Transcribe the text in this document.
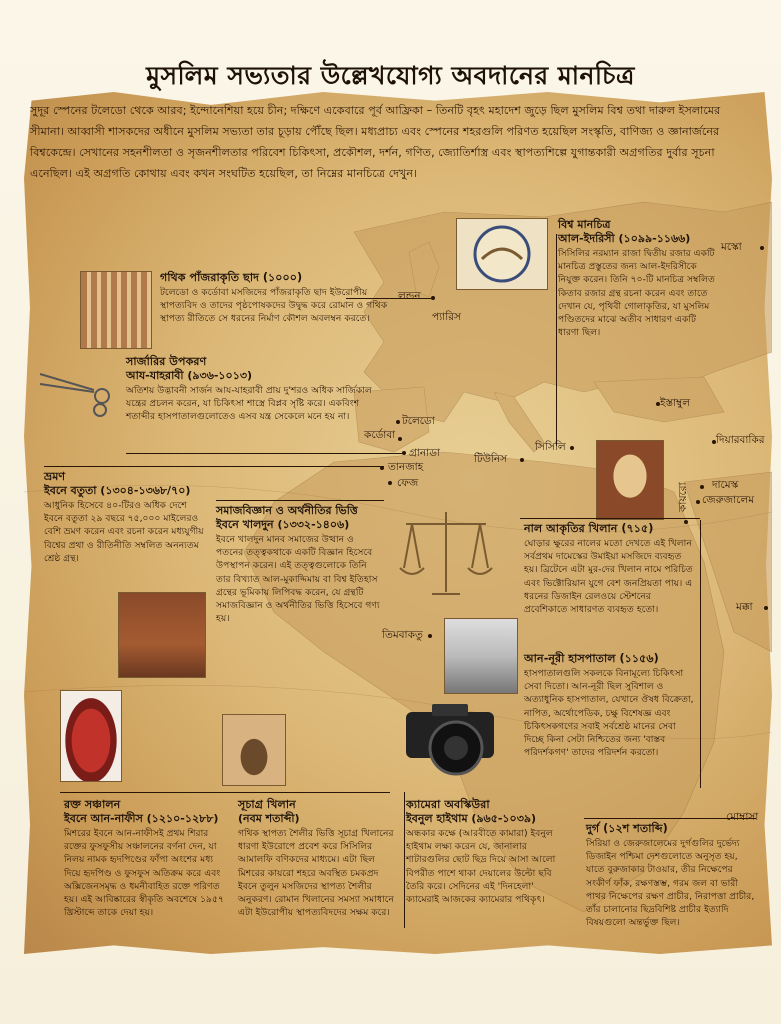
মুসলিম সভ্যতার উল্লেখযোগ্য অবদানের মানচিত্র
সুদূর স্পেনের টলেডো থেকে আরব; ইন্দোনেশিয়া হয়ে চীন; দক্ষিণে একেবারে পূর্ব আফ্রিকা – তিনটি বৃহৎ মহাদেশ জুড়ে ছিল মুসলিম বিশ্ব তথা দারুল ইসলামের সীমানা। আব্বাসী শাসকদের অধীনে মুসলিম সভ্যতা তার চূড়ায় পৌঁছে ছিল। মধ্যপ্রাচ্য এবং স্পেনের শহরগুলি পরিণত হয়েছিল সংস্কৃতি, বাণিজ্য ও জ্ঞানার্জনের বিশ্বকেন্দ্রে। সেখানের সহনশীলতা ও সৃজনশীলতার পরিবেশ চিকিৎসা, প্রকৌশল, দর্শন, গণিত, জ্যোতির্শাস্ত্র এবং স্থাপত্যশিল্পে যুগান্তকারী অগ্রগতির দুর্বার সূচনা এনেছিল। এই অগ্রগতি কোথায় এবং কখন সংঘটিত হয়েছিল, তা নিম্নের মানচিত্রে দেখুন।
লন্ডন
প্যারিস
টলেডো
কর্ডোবা
গ্রানাডা
তানজাহ
ফেজ
টিউনিস
সিসিলি
ইস্তাম্বুল
দিয়ারবাকির
দামেস্ক
জেরুজালেম
কায়রো
মক্কা
তিমবাকতু
মস্কো
মোম্বাসা
গথিক পাঁজরাকৃতি ছাদ (১০০০)

টলেডো ও কর্ডোবা মসজিদের পাঁজরাকৃতি ছাদ ইউরোপীয় স্থাপত্যবিদ ও তাদের পৃষ্ঠপোষকদের উদ্বুদ্ধ করে রোমান ও গথিক স্থাপত্য রীতিতে সে ধরনের নির্মাণ কৌশল অবলম্বন করতে।

সার্জারির উপকরণ
আয-যাহরাবী (৯৩৬-১০১৩)

অতিশয় উদ্ভাবনী সার্জন আয-যাহরাবী প্রায় দু'শরও অধিক সার্জিকাল যন্ত্রের প্রচলন করেন, যা চিকিৎসা শাস্ত্রে বিপ্লব সৃষ্টি করে। একবিংশ শতাব্দীর হাসপাতালগুলোতেও এসব যন্ত্র সেকেলে মনে হয় না।

ভ্রমণ
ইবনে বতুতা (১৩০৪-১৩৬৮/৭০)

আধুনিক হিসেবে ৪০-টিরও অধিক দেশে ইবনে বতুতা ২৯ বছরে ৭৫,০০০ মাইলেরও বেশি ভ্রমণ করেন এবং রচনা করেন মধ্যযুগীয় বিশ্বের প্রথা ও রীতিনীতি সম্বলিত অনন্যতম শ্রেষ্ঠ গ্রন্থ।

সমাজবিজ্ঞান ও অর্থনীতির ভিত্তি
ইবনে খালদুন (১৩৩২-১৪০৬)

ইবনে খালদুন মানব সমাজের উত্থান ও পতনের তত্ত্বকথাকে একটি বিজ্ঞান হিসেবে উপস্থাপন করেন। এই তত্ত্বগুলোকে তিনি তার বিখ্যাত আল-মুকাদ্দিমায় বা বিশ্ব ইতিহাস গ্রন্থের ভূমিকায় লিপিবদ্ধ করেন, যে গ্রন্থটি সমাজবিজ্ঞান ও অর্থনীতির ভিত্তি হিসেবে গণ্য হয়।

বিশ্ব মানচিত্র
আল-ইদরিসী (১০৯৯-১১৬৬)

সিসিলির নরম্যান রাজা দ্বিতীয় রজার একটি মানচিত্র প্রস্তুতের জন্য আল-ইদরিসীকে নিযুক্ত করেন। তিনি ৭০-টি মানচিত্র সম্বলিত কিতাব রজার গ্রন্থ রচনা করেন এবং তাতে দেখান যে, পৃথিবী গোলাকৃতির, যা মুসলিম পণ্ডিতদের মাঝে অতীব সাধারণ একটি ধারণা ছিল।

নাল আকৃতির খিলান (৭১৫)

ঘোড়ার ক্ষুরের নালের মতো দেখতে এই খিলান সর্বপ্রথম দামেস্কের উমাইয়া মসজিদে ব্যবহৃত হয়। ব্রিটেনে এটা মুর-দের খিলান নামে পরিচিত এবং ভিক্টোরিয়ান যুগে বেশ জনপ্রিয়তা পায়। এ ধরনের ডিজাইন রেলওয়ে স্টেশনের প্রবেশিকাতে সাধারণত ব্যবহৃত হতো।

আন-নূরী হাসপাতাল (১১৫৬)

হাসপাতালগুলি সকলকে বিনামূল্যে চিকিৎসা সেবা দিতো। আন-নূরী ছিল সুবিশাল ও অত্যাধুনিক হাসপাতাল, যেখানে ঔষধ বিক্রেতা, নাপিত, অর্থোপেডিক, চক্ষু বিশেষজ্ঞ এবং চিকিৎসকগণের সবাই সর্বশ্রেষ্ঠ মানের সেবা দিচ্ছে কিনা সেটা নিশ্চিতের জন্য 'বাস্তব পরিদর্শকগণ' তাদের পরিদর্শন করতো।

রক্ত সঞ্চালন
ইবনে আন-নাফীস (১২১০-১২৮৮)

মিশরের ইবনে আন-নাফীসই প্রথম শিরার রক্তের ফুসফুসীয় সঞ্চালনের বর্ণনা দেন, যা নিলয় নামক হৃদপিণ্ডের ফাঁপা অংশের মধ্য দিয়ে হৃদপিণ্ড ও ফুসফুস অতিক্রম করে এবং অক্সিজেনসমৃদ্ধ ও ধমনীবাহিত রক্তে পরিণত হয়। এই আবিষ্কারের স্বীকৃতি অবশেষে ১৯৫৭ খ্রিস্টাব্দে তাকে দেয়া হয়।

সূচাগ্র খিলান
(নবম শতাব্দী)

গথিক স্থাপত্য শৈলীর ভিত্তি সূচাগ্র খিলানের ধারণা ইউরোপে প্রবেশ করে সিসিলির আমালফি বণিকদের মাধ্যমে। এটা ছিল মিশরের কায়রো শহরে অবস্থিত চমকপ্রদ ইবনে তুলুন মসজিদের স্থাপত্য শৈলীর অনুকরণ। রোমান খিলানের সমস্যা সমাধানে এটা ইউরোপীয় স্থাপত্যবিদদের সক্ষম করে।

ক্যামেরা অবস্কিউরা
ইবনুল হাইথাম (৯৬৫-১০৩৯)

অন্ধকার কক্ষে (আরবীতে কামারা) ইবনুল হাইথাম লক্ষ্য করেন যে, জানালার শাটারগুলির ছোট ছিদ্র দিয়ে আসা আলো বিপরীত পাশে থাকা দেয়ালের উল্টো ছবি তৈরি করে। সেদিনের এই 'দিনহেলা' ক্যামেরাই আজকের ক্যামেরার পথিকৃৎ।

দুর্গ (১২শ শতাব্দি)

সিরিয়া ও জেরুজালেমের দুর্গগুলির দুর্ভেদ্য ডিজাইন পশ্চিমা দেশগুলোতে অনুসৃত হয়, যাতে বুরুজাকার টাওয়ার, তীর নিক্ষেপের সংকীর্ণ ফাঁক, রক্ষণস্তম্ভ, গরম জল বা ভারী পাথর নিক্ষেপের রক্ষণ প্রাচীর, নিরাপত্তা প্রাচীর, তাঁর চালানোর ছিদ্রবিশিষ্ট প্রাচীর ইত্যাদি বিষয়গুলো অন্তর্ভুক্ত ছিল।
